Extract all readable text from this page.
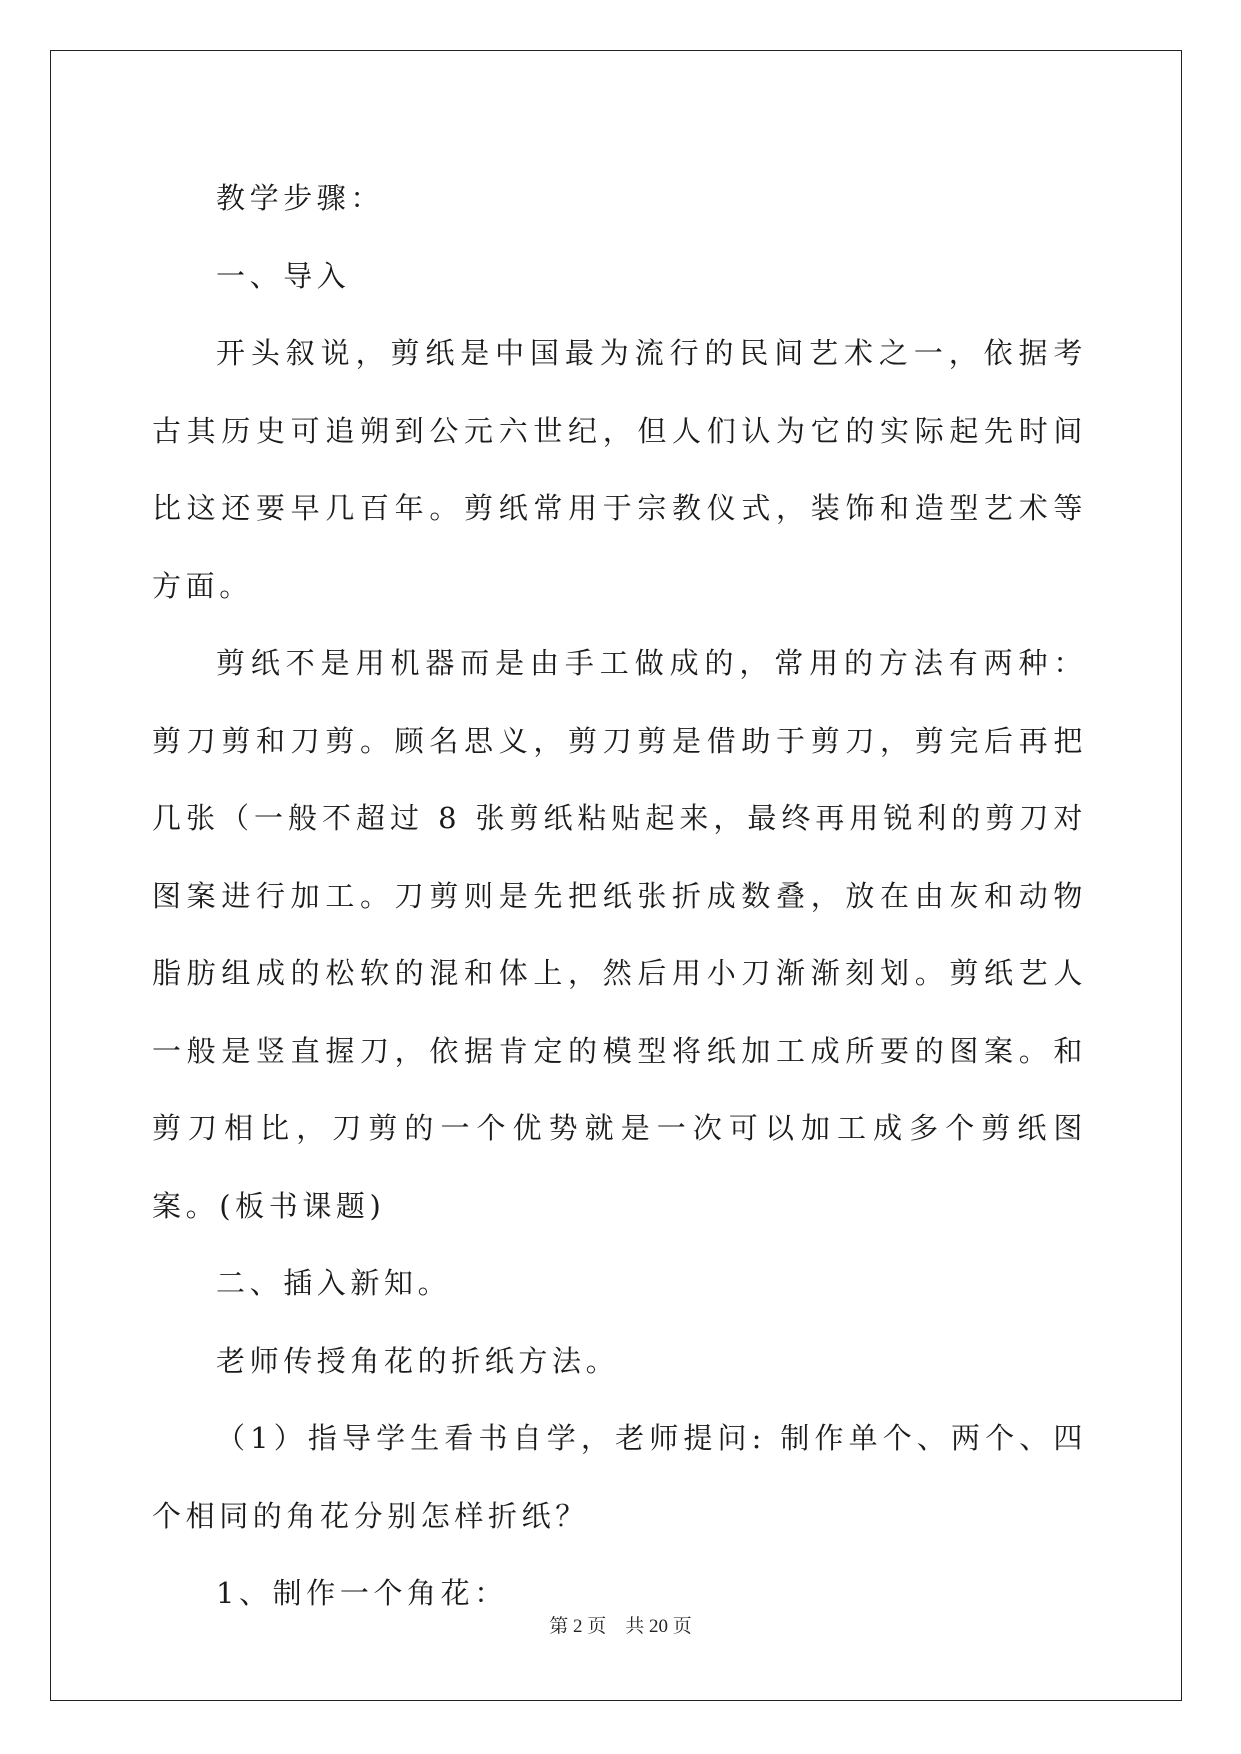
教学步骤：

一、导入

开头叙说，剪纸是中国最为流行的民间艺术之一，依据考古其历史可追朔到公元六世纪，但人们认为它的实际起先时间比这还要早几百年。剪纸常用于宗教仪式，装饰和造型艺术等方面。

剪纸不是用机器而是由手工做成的，常用的方法有两种：剪刀剪和刀剪。顾名思义，剪刀剪是借助于剪刀，剪完后再把几张（一般不超过 8 张剪纸粘贴起来，最终再用锐利的剪刀对图案进行加工。刀剪则是先把纸张折成数叠，放在由灰和动物脂肪组成的松软的混和体上，然后用小刀渐渐刻划。剪纸艺人一般是竖直握刀，依据肯定的模型将纸加工成所要的图案。和剪刀相比，刀剪的一个优势就是一次可以加工成多个剪纸图案。(板书课题)

二、插入新知。

老师传授角花的折纸方法。

（1）指导学生看书自学，老师提问: 制作单个、两个、四个相同的角花分别怎样折纸？

1、制作一个角花：

第 2 页    共 20 页
